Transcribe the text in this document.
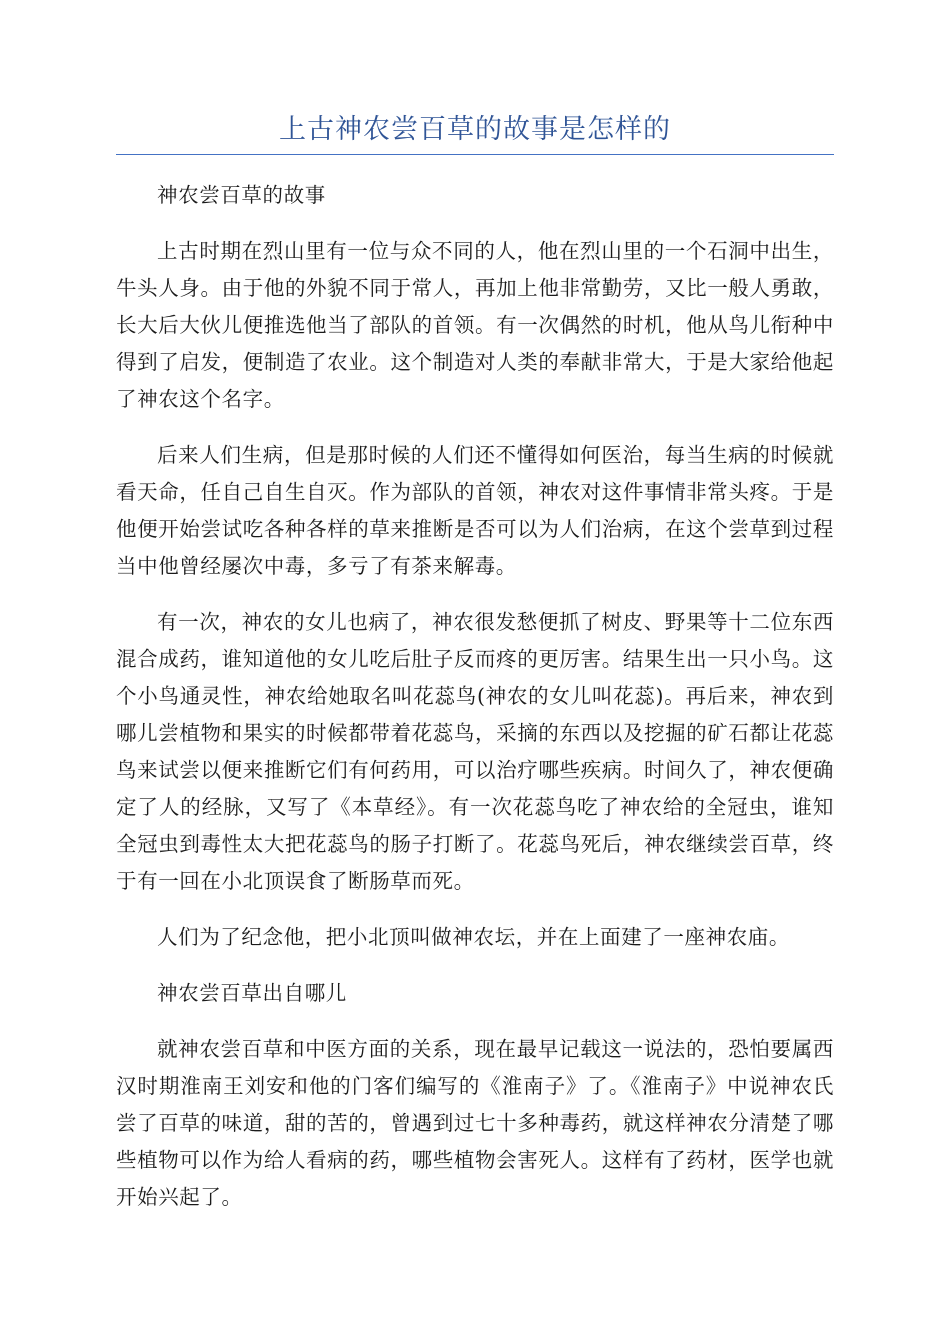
上古神农尝百草的故事是怎样的

神农尝百草的故事

上古时期在烈山里有一位与众不同的人，他在烈山里的一个石洞中出生，牛头人身。由于他的外貌不同于常人，再加上他非常勤劳，又比一般人勇敢，长大后大伙儿便推选他当了部队的首领。有一次偶然的时机，他从鸟儿衔种中得到了启发，便制造了农业。这个制造对人类的奉献非常大，于是大家给他起了神农这个名字。

后来人们生病，但是那时候的人们还不懂得如何医治，每当生病的时候就看天命，任自己自生自灭。作为部队的首领，神农对这件事情非常头疼。于是他便开始尝试吃各种各样的草来推断是否可以为人们治病，在这个尝草到过程当中他曾经屡次中毒，多亏了有茶来解毒。

有一次，神农的女儿也病了，神农很发愁便抓了树皮、野果等十二位东西混合成药，谁知道他的女儿吃后肚子反而疼的更厉害。结果生出一只小鸟。这个小鸟通灵性，神农给她取名叫花蕊鸟(神农的女儿叫花蕊)。再后来，神农到哪儿尝植物和果实的时候都带着花蕊鸟，采摘的东西以及挖掘的矿石都让花蕊鸟来试尝以便来推断它们有何药用，可以治疗哪些疾病。时间久了，神农便确定了人的经脉，又写了《本草经》。有一次花蕊鸟吃了神农给的全冠虫，谁知全冠虫到毒性太大把花蕊鸟的肠子打断了。花蕊鸟死后，神农继续尝百草，终于有一回在小北顶误食了断肠草而死。

人们为了纪念他，把小北顶叫做神农坛，并在上面建了一座神农庙。

神农尝百草出自哪儿

就神农尝百草和中医方面的关系，现在最早记载这一说法的，恐怕要属西汉时期淮南王刘安和他的门客们编写的《淮南子》了。《淮南子》中说神农氏尝了百草的味道，甜的苦的，曾遇到过七十多种毒药，就这样神农分清楚了哪些植物可以作为给人看病的药，哪些植物会害死人。这样有了药材，医学也就开始兴起了。
